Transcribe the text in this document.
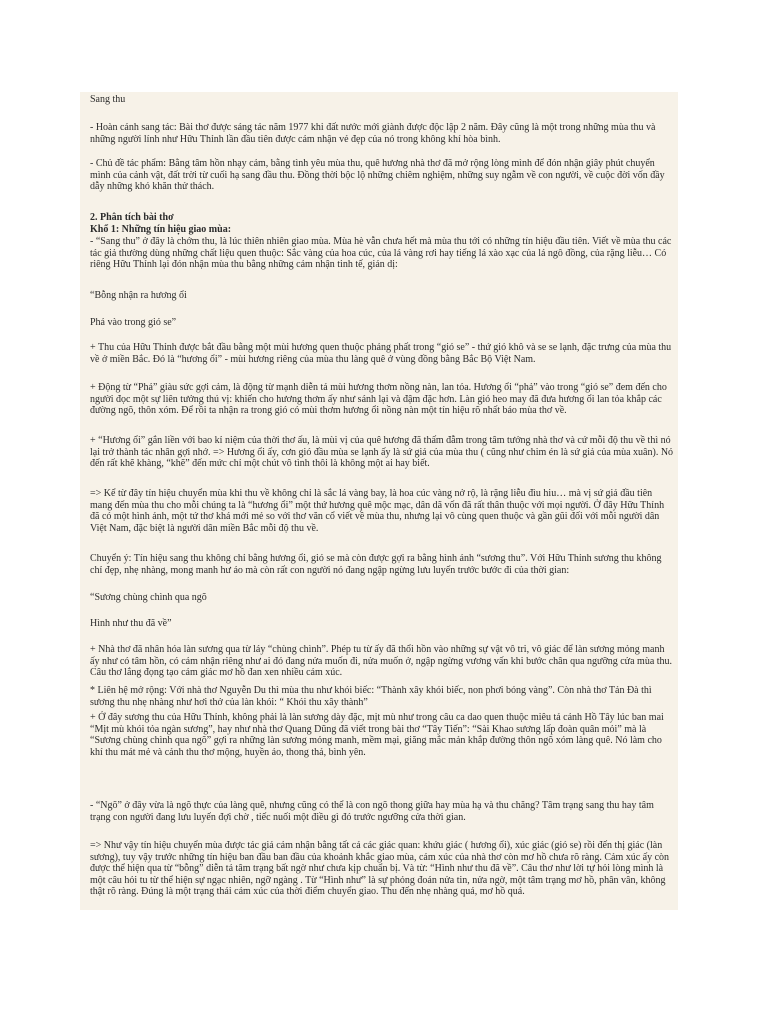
Sang thu

- Hoàn cảnh sang tác: Bài thơ được sáng tác năm 1977 khi đất nước mới giành được độc lập 2 năm. Đây cũng là một trong những mùa thu và những người lính như Hữu Thỉnh lần đầu tiên được cảm nhận vẻ đẹp của nó trong không khí hòa bình.

- Chủ đề tác phẩm: Bằng tâm hồn nhạy cảm, bằng tình yêu mùa thu, quê hương nhà thơ đã mở rộng lòng mình để đón nhận giây phút chuyển mình của cảnh vật, đất trời từ cuối hạ sang đầu thu. Đồng thời bộc lộ những chiêm nghiệm, những suy ngẫm về con người, về cuộc đời vốn đầy dẫy những khó khăn thử thách.

2. Phân tích bài thơ

Khổ 1: Những tín hiệu giao mùa:

- “Sang thu” ở đây là chớm thu, là lúc thiên nhiên giao mùa. Mùa hè vẫn chưa hết mà mùa thu tới có những tín hiệu đầu tiên. Viết về mùa thu các tác giả thường dùng những chất liệu quen thuộc: Sắc vàng của hoa cúc, của lá vàng rơi hay tiếng lá xào xạc của lá ngô đồng, của rặng liễu… Có riêng Hữu Thỉnh lại đón nhận mùa thu bằng những cảm nhận tinh tế, giản dị:

“Bỗng nhận ra hương ổi

Phả vào trong gió se”

+ Thu của Hữu Thỉnh được bắt đầu bằng một mùi hương quen thuộc phảng phất trong “gió se” - thứ gió khô và se se lạnh, đặc trưng của mùa thu về ở miền Bắc. Đó là “hương ổi” - mùi hương riêng của mùa thu làng quê ở vùng đồng bằng Bắc Bộ Việt Nam.

+ Động từ “Phả” giàu sức gợi cảm, là động từ mạnh diễn tả mùi hương thơm nồng nàn, lan tỏa. Hương ổi “phả” vào trong “gió se” đem đến cho người đọc một sự liên tưởng thú vị: khiến cho hương thơm ấy như sánh lại và đậm đặc hơn. Làn gió heo may đã đưa hương ổi lan tỏa khắp các đường ngõ, thôn xóm. Để rồi ta nhận ra trong gió có mùi thơm hương ổi nồng nàn một tín hiệu rõ nhất báo mùa thơ về.

+ “Hương ổi” gắn liền với bao kỉ niệm của thời thơ ấu, là mùi vị của quê hương đã thấm đẫm trong tâm tưởng nhà thơ và cứ mỗi độ thu về thì nó lại trở thành tác nhân gợi nhớ. => Hương ổi ấy, cơn gió đầu mùa se lạnh ấy là sứ giả của mùa thu ( cũng như chim én là sứ giả của mùa xuân). Nó đến rất khẽ khàng, “khẽ” đến mức chỉ một chút vô tình thôi là không một ai hay biết.

=> Kể từ đây tín hiệu chuyển mùa khi thu về không chỉ là sắc lá vàng bay, là hoa cúc vàng nở rộ, là rặng liễu đìu hiu… mà vị sứ giả đầu tiên mang đến mùa thu cho mỗi chúng ta là “hương ổi” một thứ hương quê mộc mạc, dân dã vốn đã rất thân thuộc với mọi người. Ở đây Hữu Thỉnh đã có một hình ảnh, một tứ thơ khá mới mẻ so với thơ văn cổ viết về mùa thu, nhưng lại vô cùng quen thuộc và gần gũi đối với mỗi người dân Việt Nam, đặc biệt là người dân miền Bắc mỗi độ thu về.

Chuyển ý: Tín hiệu sang thu không chỉ bằng hương ổi, gió se mà còn được gợi ra bằng hình ảnh “sương thu”. Với Hữu Thỉnh sương thu không chỉ đẹp, nhẹ nhàng, mong manh hư ảo mà còn rất con người nó đang ngập ngừng lưu luyến trước bước đi của thời gian:

“Sương chùng chình qua ngõ

Hình như thu đã về”

+ Nhà thơ đã nhân hóa làn sương qua từ láy “chùng chình”. Phép tu từ ấy đã thổi hồn vào những sự vật vô tri, vô giác để làn sương mỏng manh ấy như có tâm hồn, có cảm nhận riêng như ai đó đang nửa muốn đi, nửa muốn ở, ngập ngừng vương vấn khi bước chân qua ngưỡng cửa mùa thu. Câu thơ lắng đọng tạo cảm giác mơ hồ đan xen nhiều cảm xúc.

* Liên hệ mở rộng: Với nhà thơ Nguyễn Du thì mùa thu như khói biếc: “Thành xây khói biếc, non phơi bóng vàng”. Còn nhà thơ Tản Đà thì sương thu nhẹ nhàng như hơi thở của làn khói: “ Khói thu xây thành”

+ Ở đây sương thu của Hữu Thỉnh, không phải là làn sương dày đặc, mịt mù như trong câu ca dao quen thuộc miêu tả cảnh Hồ Tây lúc ban mai “Mịt mù khói tỏa ngàn sương”, hay như nhà thơ Quang Dũng đã viết trong bài thơ “Tây Tiến”: “Sài Khao sương lấp đoàn quân mỏi” mà là “Sương chùng chình qua ngõ” gợi ra những làn sương mỏng manh, mềm mại, giăng mắc mản khắp đường thôn ngõ xóm làng quê. Nó làm cho khí thu mát mẻ và cảnh thu thơ mộng, huyền ảo, thong thả, bình yên.

- “Ngõ” ở đây vừa là ngõ thực của làng quê, nhưng cũng có thể là con ngõ thong giữa hay mùa hạ và thu chăng? Tâm trạng sang thu hay tâm trạng con người đang lưu luyến đợi chờ , tiếc nuối một điều gì đó trước ngưỡng cửa thời gian.

=> Như vậy tín hiệu chuyển mùa được tác giả cảm nhận bằng tất cả các giác quan: khứu giác ( hương ổi), xúc giác (gió se) rồi đến thị giác (làn sương), tuy vậy trước những tín hiệu ban đầu ban đầu của khoảnh khắc giao mùa, cảm xúc của nhà thơ còn mơ hồ chưa rõ ràng. Cảm xúc ấy còn được thể hiện qua từ “bỗng” diễn tả tâm trạng bất ngờ như chưa kịp chuẩn bị. Và từ: “Hình như thu đã về”. Câu thơ như lời tự hỏi lòng mình là một câu hỏi tu từ thể hiện sự ngạc nhiên, ngỡ ngàng . Từ “Hình như” là sự phỏng đoán nửa tin, nửa ngờ, một tâm trạng mơ hồ, phân vân, không thật rõ ràng. Đúng là một trạng thái cảm xúc của thời điểm chuyển giao. Thu đến nhẹ nhàng quá, mơ hồ quá.
